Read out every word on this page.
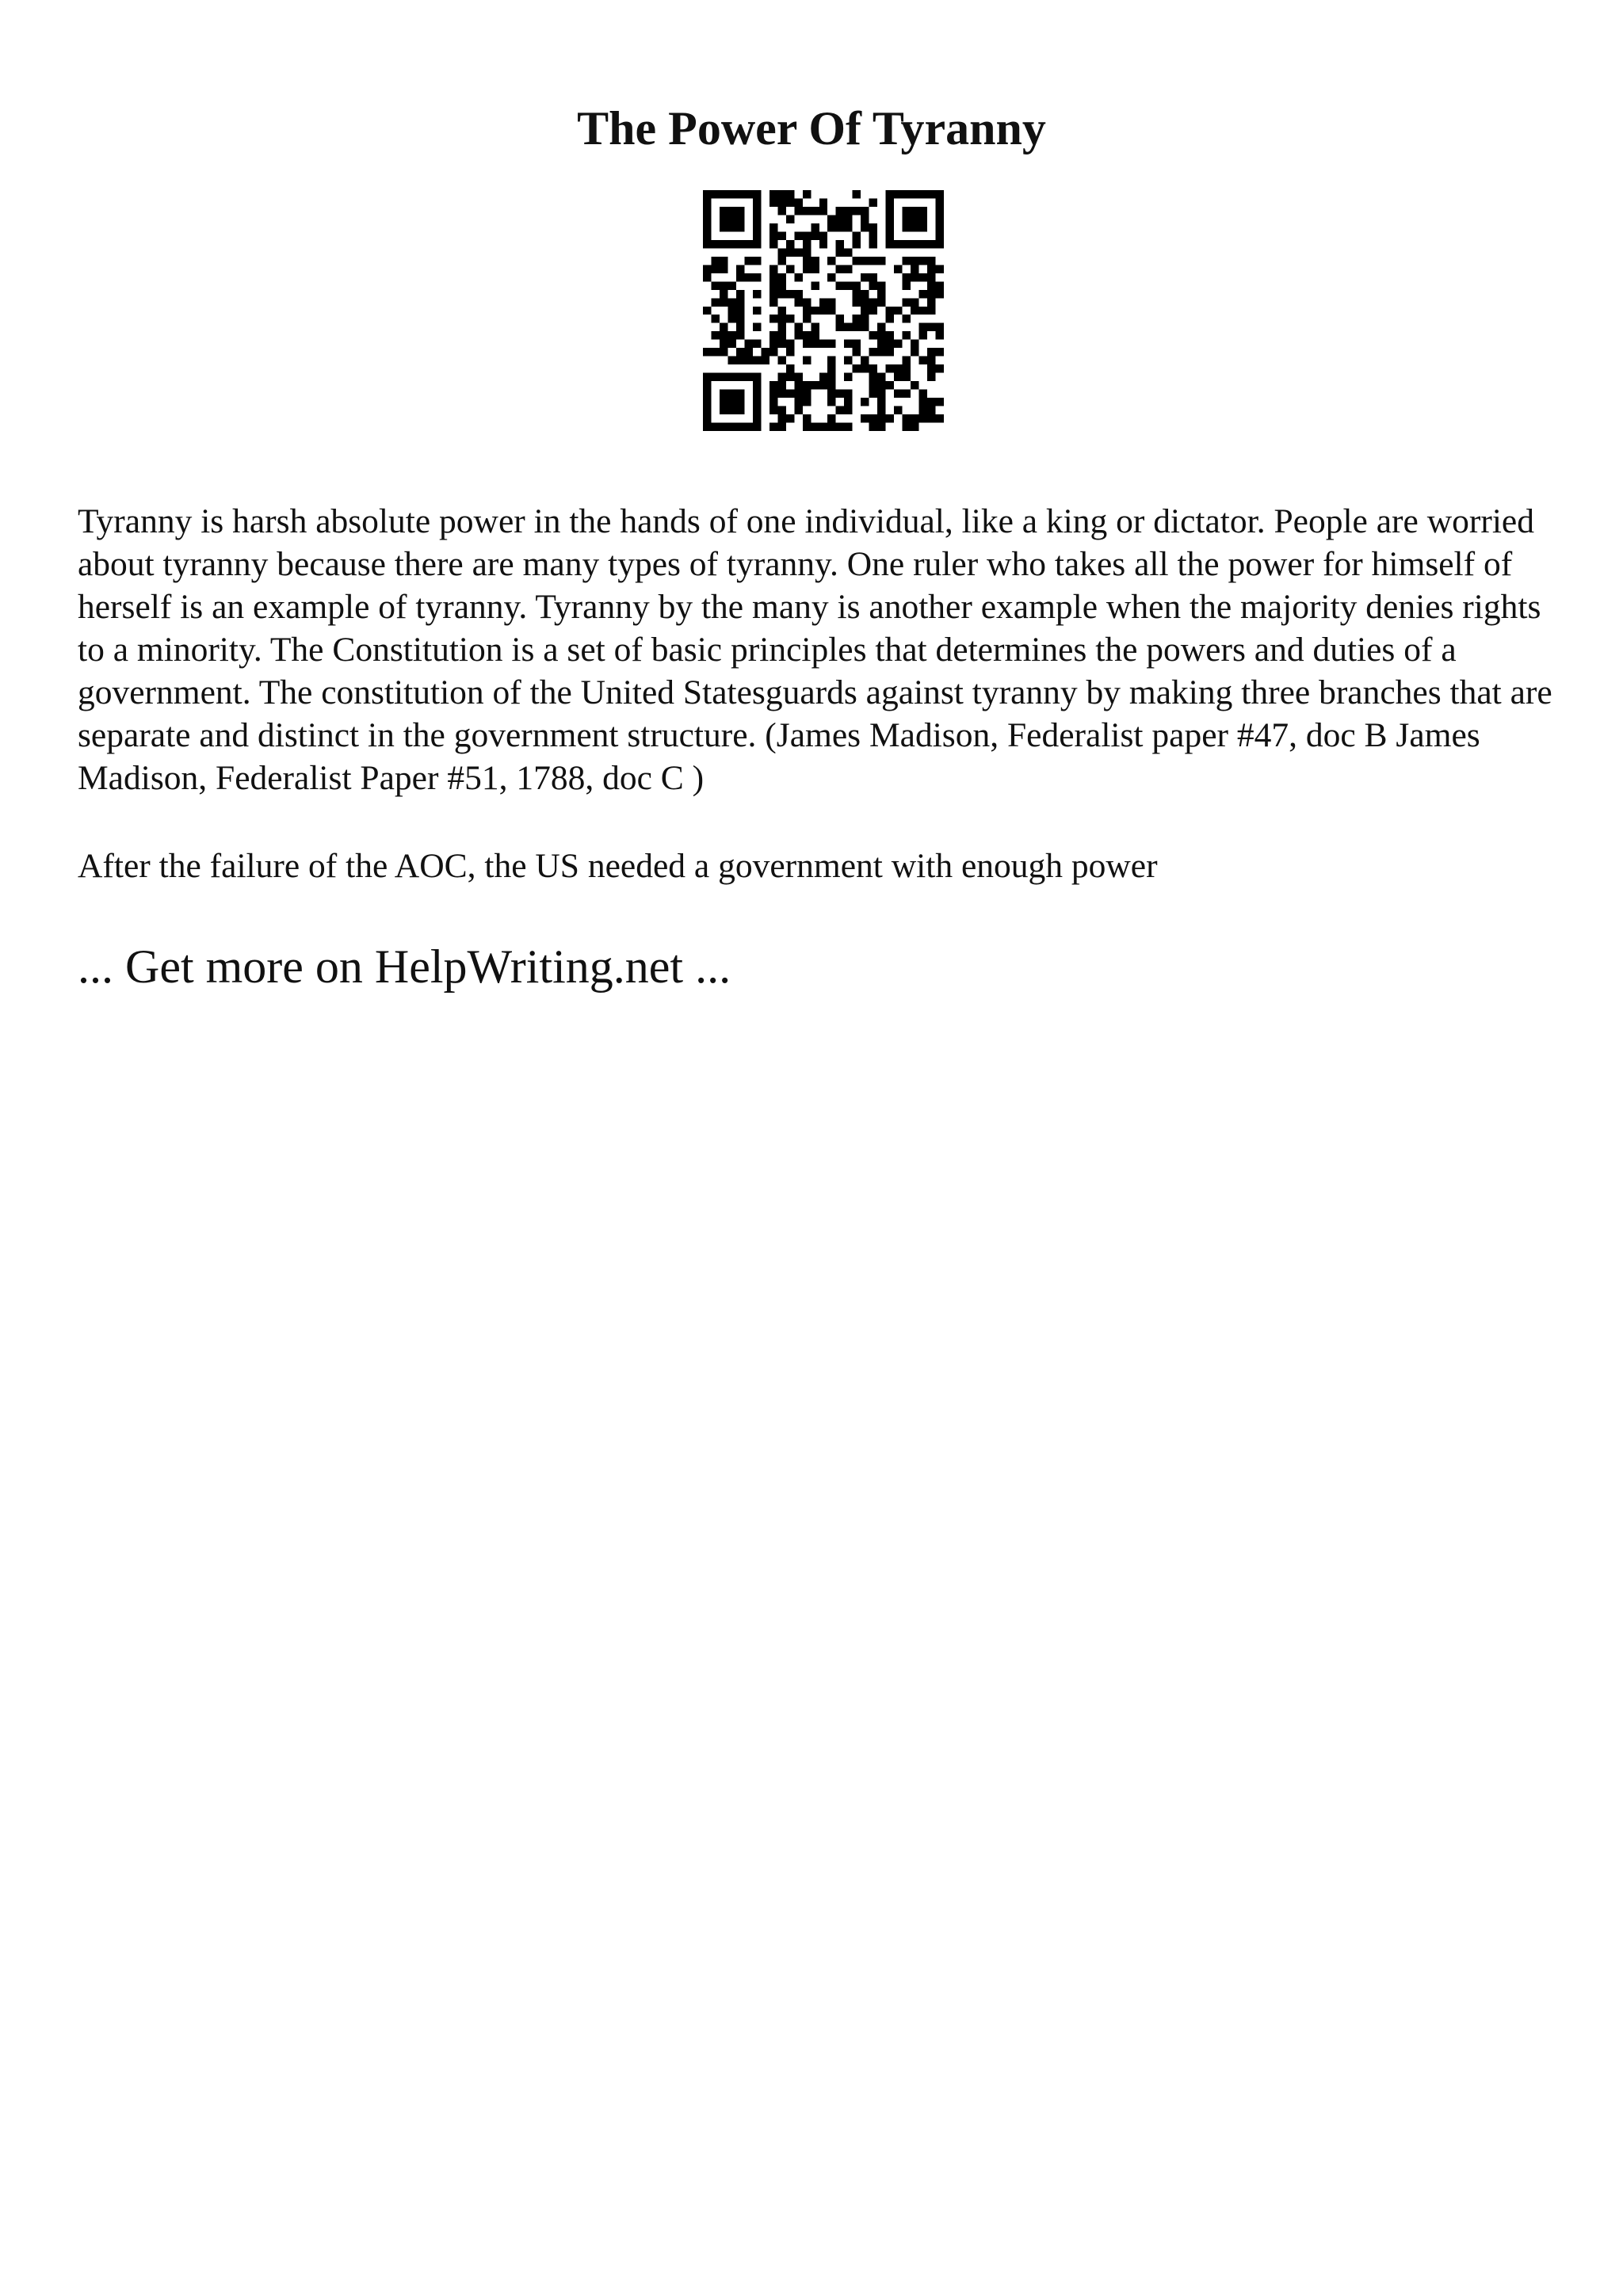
The Power Of Tyranny

Tyranny is harsh absolute power in the hands of one individual, like a king or dictator. People are worried about tyranny because there are many types of tyranny. One ruler who takes all the power for himself of herself is an example of tyranny. Tyranny by the many is another example when the majority denies rights to a minority. The Constitution is a set of basic principles that determines the powers and duties of a government. The constitution of the United Statesguards against tyranny by making three branches that are separate and distinct in the government structure. (James Madison, Federalist paper #47, doc B James Madison, Federalist Paper #51, 1788, doc C )

After the failure of the AOC, the US needed a government with enough power

... Get more on HelpWriting.net ...
